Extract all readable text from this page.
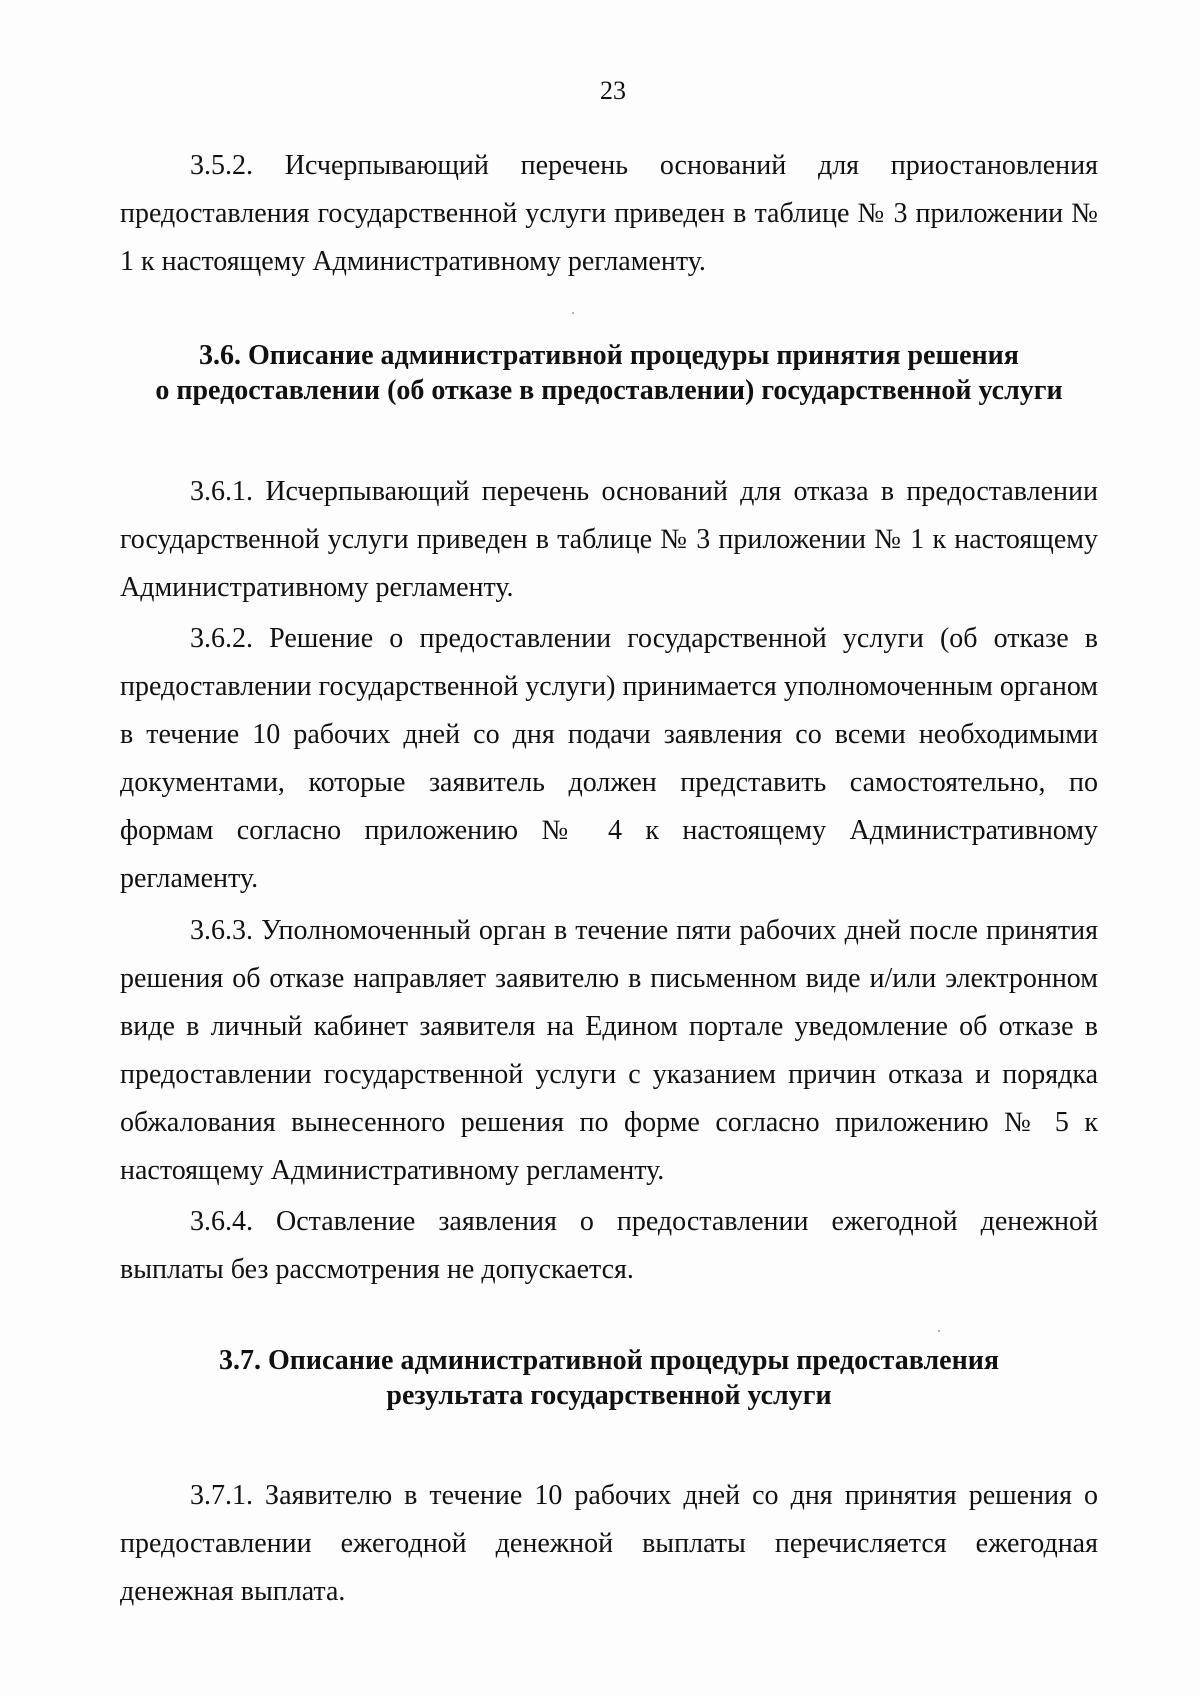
23

3.5.2. Исчерпывающий перечень оснований для приостановления предоставления государственной услуги приведен в таблице № 3 приложении № 1 к настоящему Административному регламенту.

3.6. Описание административной процедуры принятия решения
о предоставлении (об отказе в предоставлении) государственной услуги

3.6.1. Исчерпывающий перечень оснований для отказа в предоставлении государственной услуги приведен в таблице № 3 приложении № 1 к настоящему Административному регламенту.

3.6.2. Решение о предоставлении государственной услуги (об отказе в предоставлении государственной услуги) принимается уполномоченным органом в течение 10 рабочих дней со дня подачи заявления со всеми необходимыми документами, которые заявитель должен представить самостоятельно, по формам согласно приложению № 4 к настоящему Административному регламенту.

3.6.3. Уполномоченный орган в течение пяти рабочих дней после принятия решения об отказе направляет заявителю в письменном виде и/или электронном виде в личный кабинет заявителя на Едином портале уведомление об отказе в предоставлении государственной услуги с указанием причин отказа и порядка обжалования вынесенного решения по форме согласно приложению № 5 к настоящему Административному регламенту.

3.6.4. Оставление заявления о предоставлении ежегодной денежной выплаты без рассмотрения не допускается.

3.7. Описание административной процедуры предоставления
результата государственной услуги

3.7.1. Заявителю в течение 10 рабочих дней со дня принятия решения о предоставлении ежегодной денежной выплаты перечисляется ежегодная денежная выплата.
